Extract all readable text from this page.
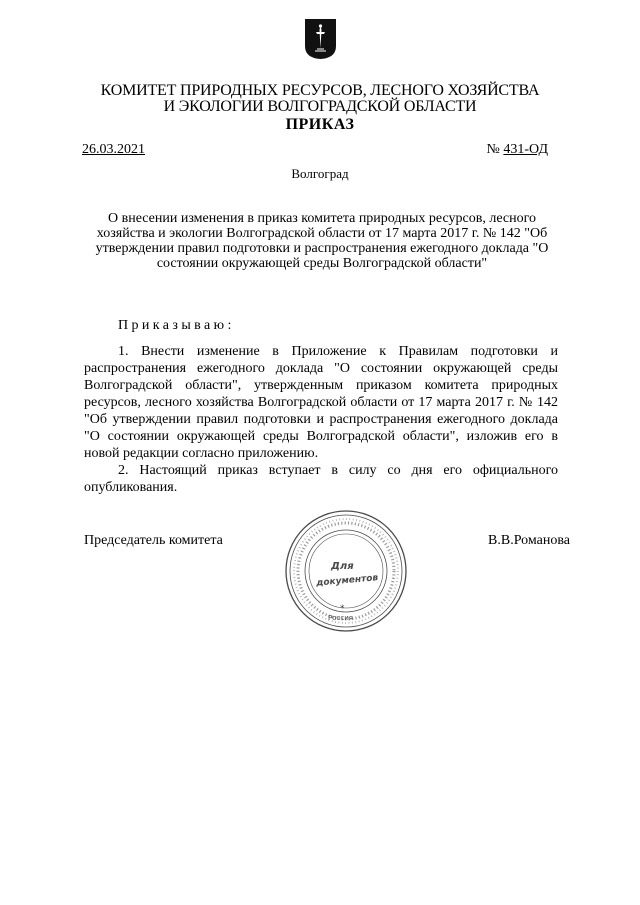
КОМИТЕТ ПРИРОДНЫХ РЕСУРСОВ, ЛЕСНОГО ХОЗЯЙСТВА
И ЭКОЛОГИИ ВОЛГОГРАДСКОЙ ОБЛАСТИ
ПРИКАЗ
26.03.2021	№ 431-ОД
Волгоград
О внесении изменения в приказ комитета природных ресурсов, лесного хозяйства и экологии Волгоградской области от 17 марта 2017 г. № 142 "Об утверждении правил подготовки и распространения ежегодного доклада "О состоянии окружающей среды Волгоградской области"
Приказываю:

1. Внести изменение в Приложение к Правилам подготовки и распространения ежегодного доклада "О состоянии окружающей среды Волгоградской области", утвержденным приказом комитета природных ресурсов, лесного хозяйства Волгоградской области от 17 марта 2017 г. № 142 "Об утверждении правил подготовки и распространения ежегодного доклада "О состоянии окружающей среды Волгоградской области", изложив его в новой редакции согласно приложению.

2. Настоящий приказ вступает в силу со дня его официального опубликования.

Председатель комитета	В.В.Романова
Для
документов
Россия
*
